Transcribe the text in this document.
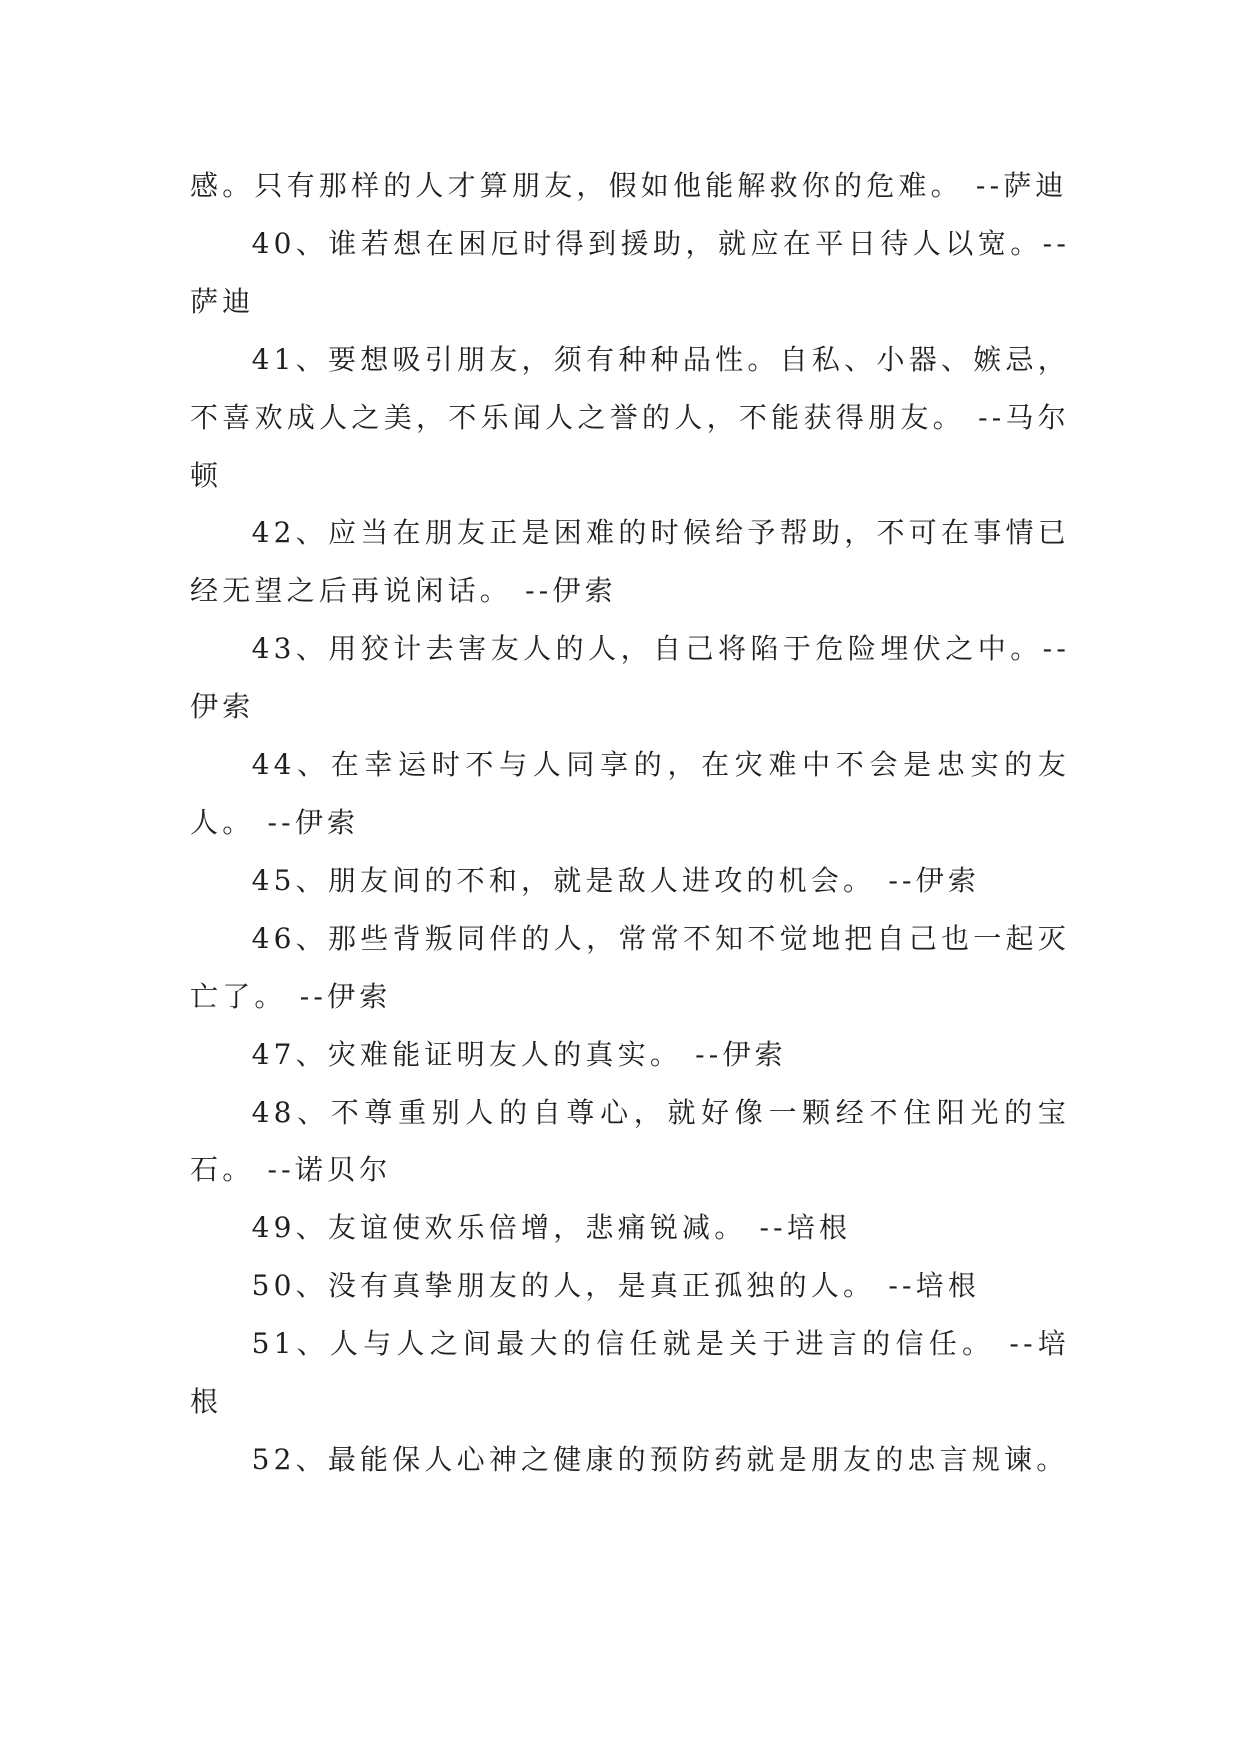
感。只有那样的人才算朋友，假如他能解救你的危难。 --萨迪

40、谁若想在困厄时得到援助，就应在平日待人以宽。--萨迪

41、要想吸引朋友，须有种种品性。自私、小器、嫉忌，不喜欢成人之美，不乐闻人之誉的人，不能获得朋友。 --马尔顿

42、应当在朋友正是困难的时候给予帮助，不可在事情已经无望之后再说闲话。 --伊索

43、用狡计去害友人的人，自己将陷于危险埋伏之中。--伊索

44、在幸运时不与人同享的，在灾难中不会是忠实的友人。 --伊索

45、朋友间的不和，就是敌人进攻的机会。 --伊索

46、那些背叛同伴的人，常常不知不觉地把自己也一起灭亡了。 --伊索

47、灾难能证明友人的真实。 --伊索

48、不尊重别人的自尊心，就好像一颗经不住阳光的宝石。 --诺贝尔

49、友谊使欢乐倍增，悲痛锐减。 --培根

50、没有真挚朋友的人，是真正孤独的人。 --培根

51、人与人之间最大的信任就是关于进言的信任。 --培根

52、最能保人心神之健康的预防药就是朋友的忠言规谏。
